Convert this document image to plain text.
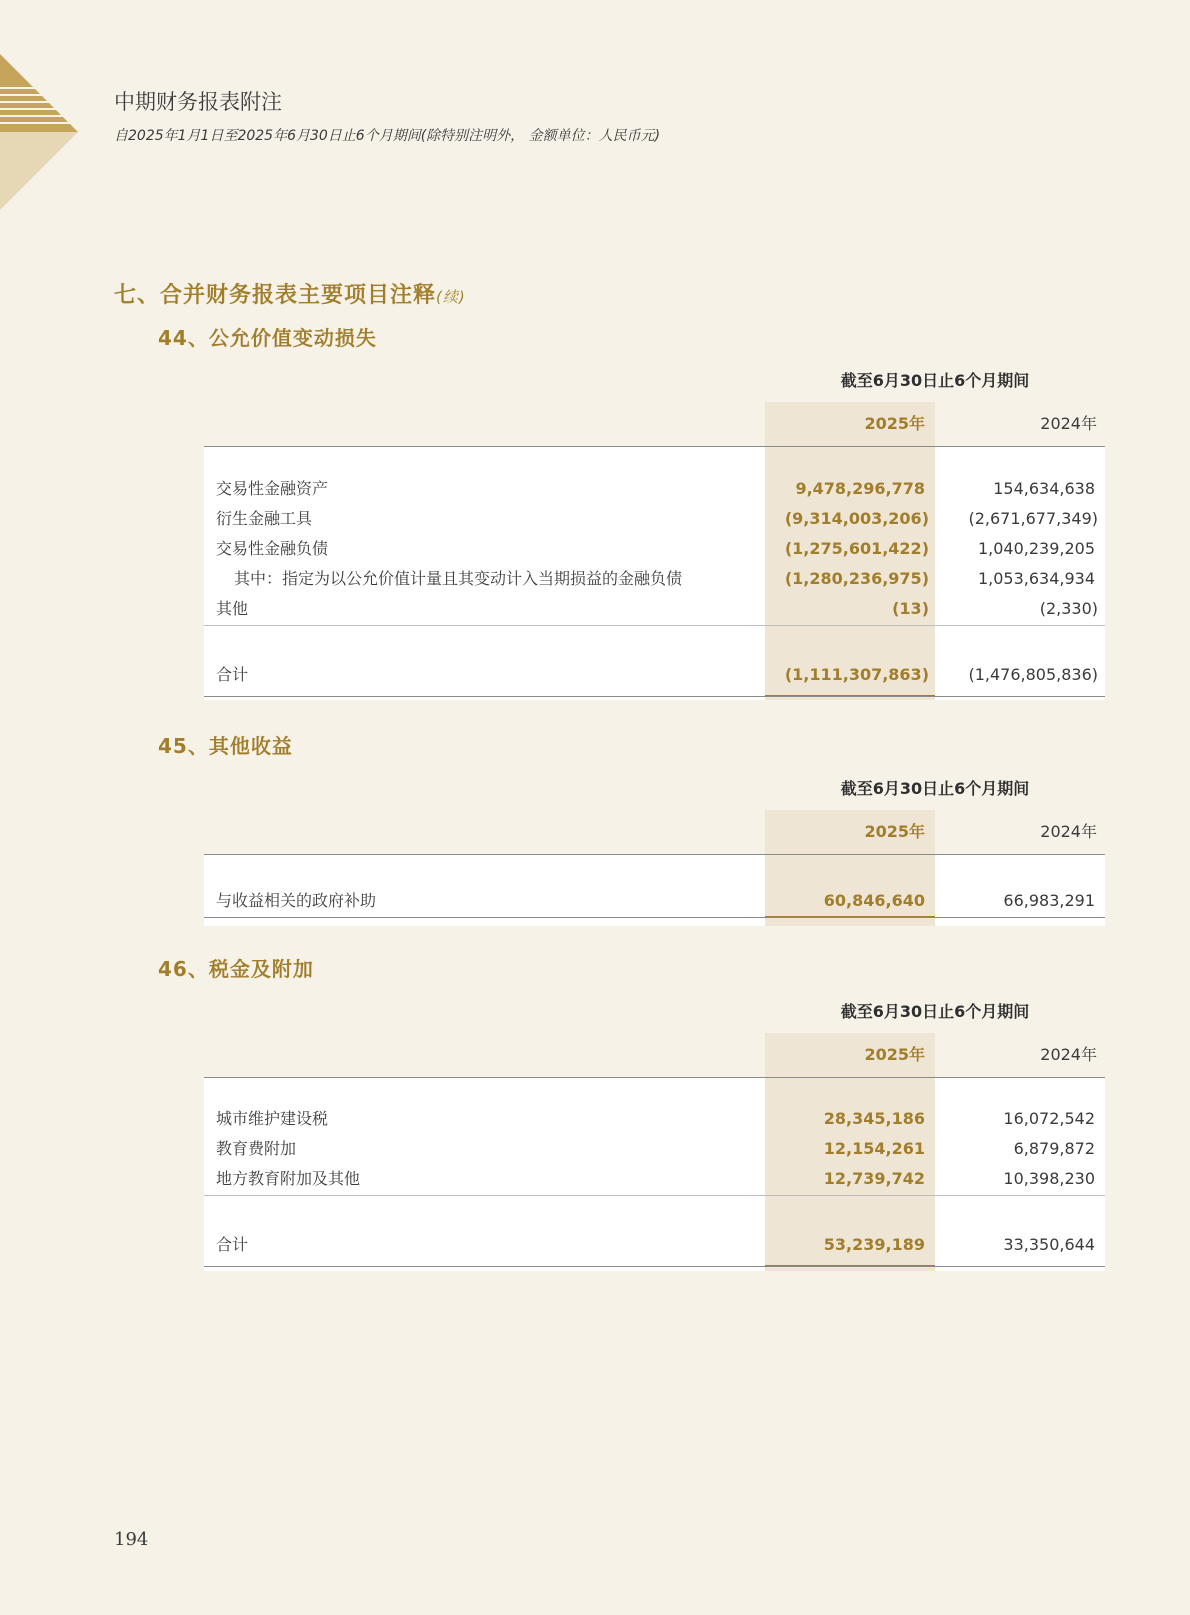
中期财务报表附注
自2025年1月1日至2025年6月30日止6个月期间(除特别注明外， 金额单位：人民币元)
七、合并财务报表主要项目注释(续)
44、公允价值变动损失
截至6月30日止6个月期间
2025年	2024年
交易性金融资产	9,478,296,778	154,634,638
衍生金融工具	(9,314,003,206)	(2,671,677,349)
交易性金融负债	(1,275,601,422)	1,040,239,205
其中：指定为以公允价值计量且其变动计入当期损益的金融负债	(1,280,236,975)	1,053,634,934
其他	(13)	(2,330)
合计	(1,111,307,863)	(1,476,805,836)
45、其他收益
截至6月30日止6个月期间
2025年	2024年
与收益相关的政府补助	60,846,640	66,983,291
46、税金及附加
截至6月30日止6个月期间
2025年	2024年
城市维护建设税	28,345,186	16,072,542
教育费附加	12,154,261	6,879,872
地方教育附加及其他	12,739,742	10,398,230
合计	53,239,189	33,350,644
194
